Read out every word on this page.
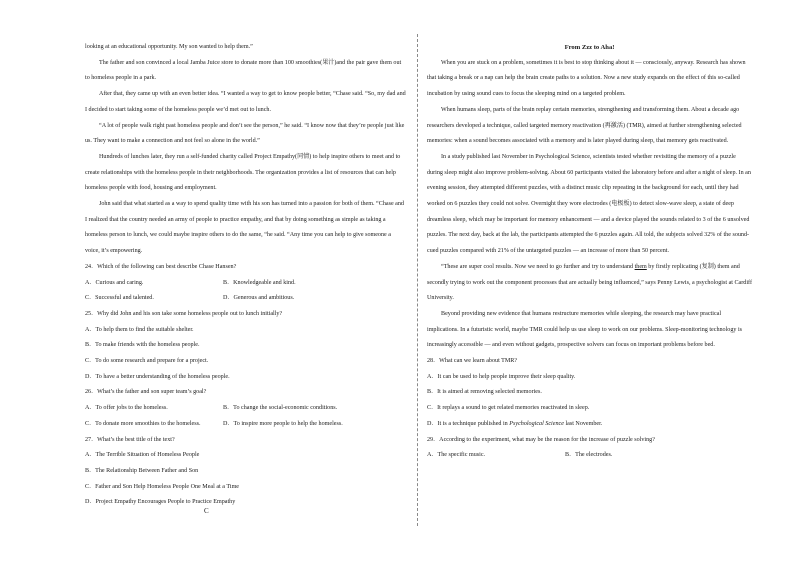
looking at an educational opportunity. My son wanted to help them.”

The father and son convinced a local Jamba Juice store to donate more than 100 smoothies(果汁)and the pair gave them out to homeless people in a park.

After that, they came up with an even better idea. “I wanted a way to get to know people better, “Chase said. “So, my dad and I decided to start taking some of the homeless people we’d met out to lunch.

“A lot of people walk right past homeless people and don’t see the person,” he said. “I know now that they’re people just like us. They want to make a connection and not feel so alone in the world.”

Hundreds of lunches later, they run a self-funded charity called Project Empathy(同情) to help inspire others to meet and to create relationships with the homeless people in their neighborhoods. The organization provides a list of resources that can help homeless people with food, housing and employment.

John said that what started as a way to spend quality time with his son has turned into a passion for both of them. “Chase and I realized that the country needed an army of people to practice empathy, and that by doing something as simple as taking a homeless person to lunch, we could maybe inspire others to do the same, “he said. “Any time you can help to give someone a voice, it’s empowering.

24．Which of the following can best describe Chase Hansen?

A．Curious and caring.	B．Knowledgeable and kind.
C．Successful and talented.	D．Generous and ambitious.

25．Why did John and his son take some homeless people out to lunch initially?

A．To help them to find the suitable shelter.

B．To make friends with the homeless people.

C．To do some research and prepare for a project.

D．To have a better understanding of the homeless people.

26．What’s the father and son super team’s goal?

A．To offer jobs to the homeless.	B．To change the social-economic conditions.
C．To donate more smoothies to the homeless.	D．To inspire more people to help the homeless.

27．What’s the best title of the text?

A．The Terrible Situation of Homeless People

B．The Relationship Between Father and Son

C．Father and Son Help Homeless People One Meal at a Time

D．Project Empathy Encourages People to Practice Empathy

C

From Zzz to Aha!

When you are stuck on a problem, sometimes it is best to stop thinking about it — consciously, anyway. Research has shown that taking a break or a nap can help the brain create paths to a solution. Now a new study expands on the effect of this so-called incubation by using sound cues to focus the sleeping mind on a targeted problem.

When humans sleep, parts of the brain replay certain memories, strengthening and transforming them. About a decade ago researchers developed a technique, called targeted memory reactivation (再激活) (TMR), aimed at further strengthening selected memories: when a sound becomes associated with a memory and is later played during sleep, that memory gets reactivated.

In a study published last November in Psychological Science, scientists tested whether revisiting the memory of a puzzle during sleep might also improve problem-solving. About 60 participants visited the laboratory before and after a night of sleep. In an evening session, they attempted different puzzles, with a distinct music clip repeating in the background for each, until they had worked on 6 puzzles they could not solve. Overnight they wore electrodes (电极板) to detect slow-wave sleep, a state of deep dreamless sleep, which may be important for memory enhancement — and a device played the sounds related to 3 of the 6 unsolved puzzles. The next day, back at the lab, the participants attempted the 6 puzzles again. All told, the subjects solved 32% of the sound-cued puzzles compared with 21% of the untargeted puzzles — an increase of more than 50 percent.

“These are super cool results. Now we need to go further and try to understand them by firstly replicating (复制) them and secondly trying to work out the component processes that are actually being influenced,” says Penny Lewis, a psychologist at Cardiff University.

Beyond providing new evidence that humans restructure memories while sleeping, the research may have practical implications. In a futuristic world, maybe TMR could help us use sleep to work on our problems. Sleep-monitoring technology is increasingly accessible — and even without gadgets, prospective solvers can focus on important problems before bed.

28．What can we learn about TMR?

A．It can be used to help people improve their sleep quality.

B．It is aimed at removing selected memories.

C．It replays a sound to get related memories reactivated in sleep.

D．It is a technique published in Psychological Science last November.

29．According to the experiment, what may be the reason for the increase of puzzle solving?

A．The specific music.	B．The electrodes.
